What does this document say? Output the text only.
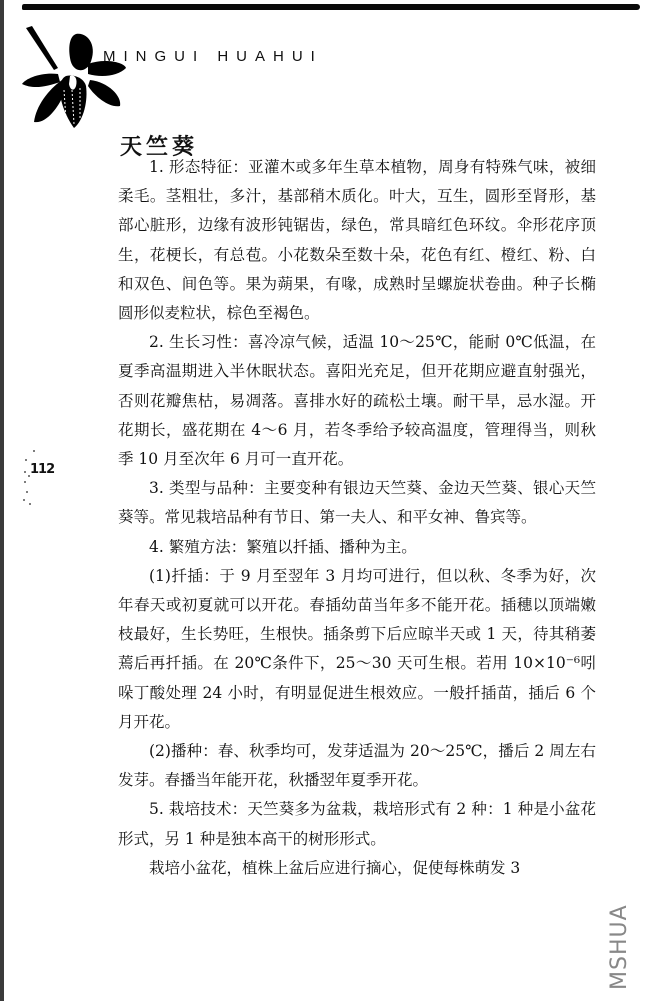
MINGUI HUAHUI
天竺葵

1. 形态特征：亚灌木或多年生草本植物，周身有特殊气味，被细柔毛。茎粗壮，多汁，基部稍木质化。叶大，互生，圆形至肾形，基部心脏形，边缘有波形钝锯齿，绿色，常具暗红色环纹。伞形花序顶生，花梗长，有总苞。小花数朵至数十朵，花色有红、橙红、粉、白和双色、间色等。果为蒴果，有喙，成熟时呈螺旋状卷曲。种子长椭圆形似麦粒状，棕色至褐色。

2. 生长习性：喜冷凉气候，适温 10～25℃，能耐 0℃低温，在夏季高温期进入半休眠状态。喜阳光充足，但开花期应避直射强光，否则花瓣焦枯，易凋落。喜排水好的疏松土壤。耐干旱，忌水湿。开花期长，盛花期在 4～6 月，若冬季给予较高温度，管理得当，则秋季 10 月至次年 6 月可一直开花。

3. 类型与品种：主要变种有银边天竺葵、金边天竺葵、银心天竺葵等。常见栽培品种有节日、第一夫人、和平女神、鲁宾等。

4. 繁殖方法：繁殖以扦插、播种为主。

(1)扦插：于 9 月至翌年 3 月均可进行，但以秋、冬季为好，次年春天或初夏就可以开花。春插幼苗当年多不能开花。插穗以顶端嫩枝最好，生长势旺，生根快。插条剪下后应晾半天或 1 天，待其稍萎蔫后再扦插。在 20℃条件下，25～30 天可生根。若用 10×10⁻⁶吲哚丁酸处理 24 小时，有明显促进生根效应。一般扦插苗，插后 6 个月开花。

(2)播种：春、秋季均可，发芽适温为 20～25℃，播后 2 周左右发芽。春播当年能开花，秋播翌年夏季开花。

5. 栽培技术：天竺葵多为盆栽，栽培形式有 2 种：1 种是小盆花形式，另 1 种是独本高干的树形形式。

栽培小盆花，植株上盆后应进行摘心，促使每株萌发 3

112
MSHUA
